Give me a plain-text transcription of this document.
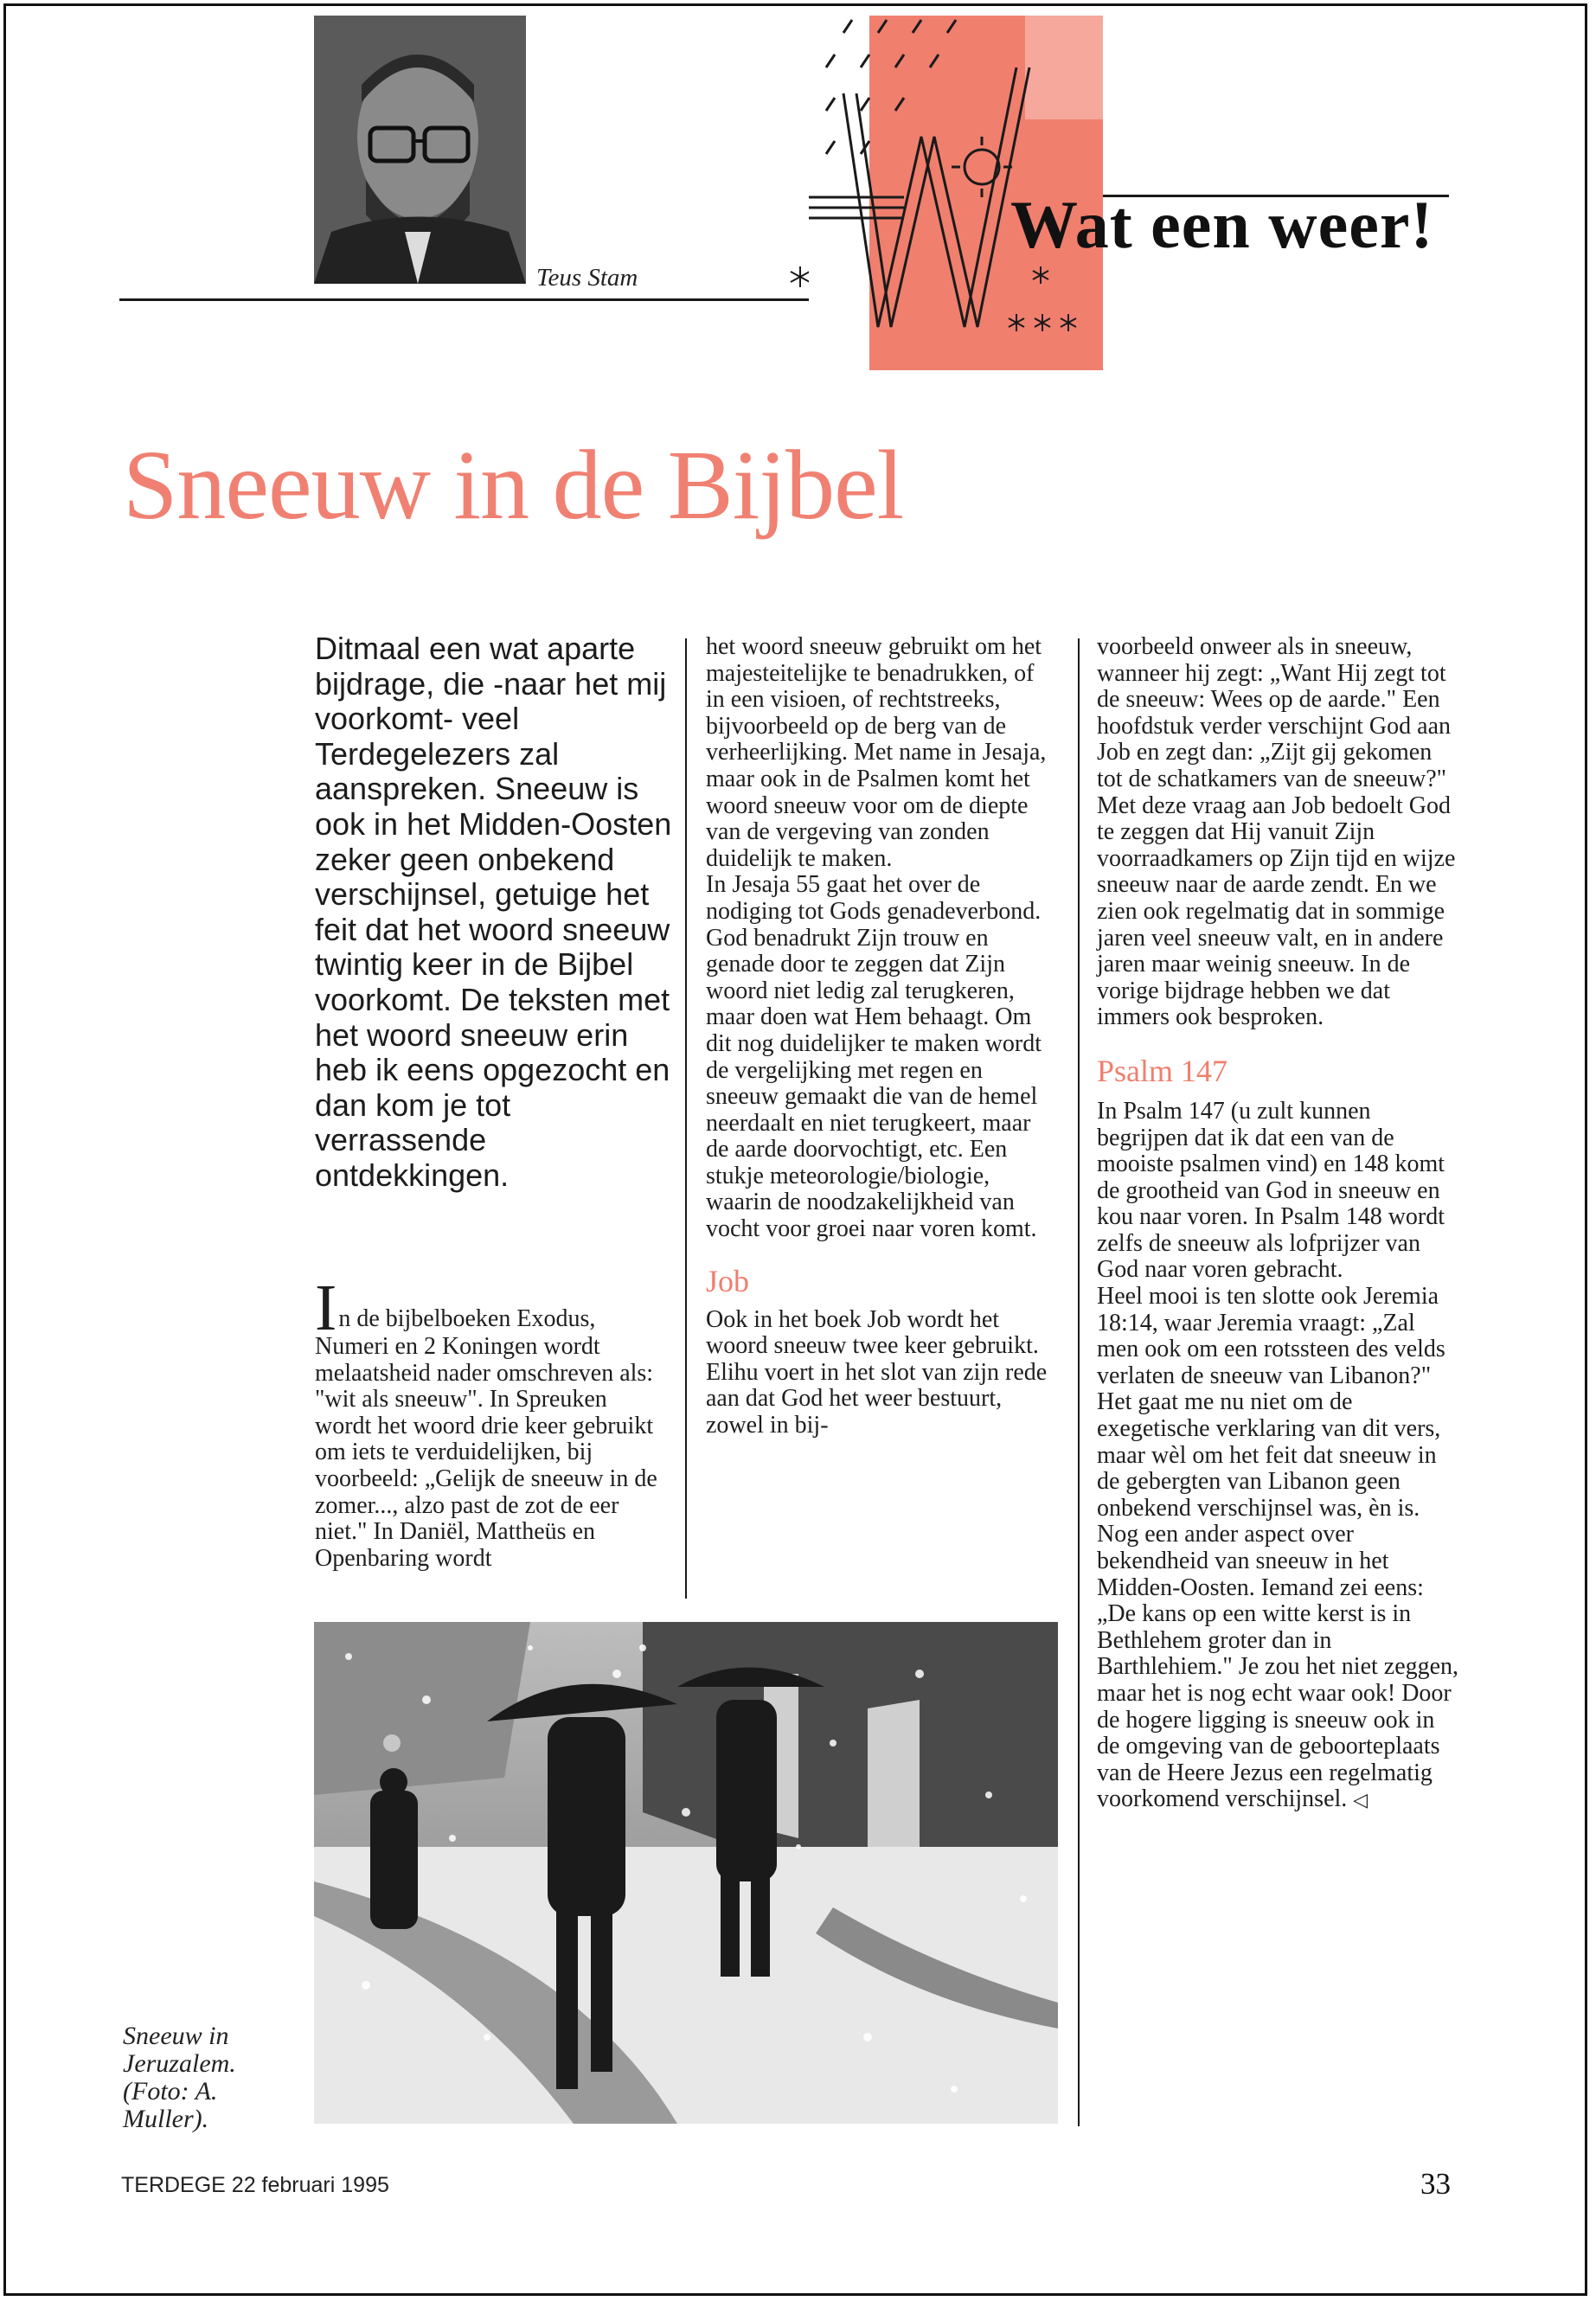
Teus Stam
Wat een weer!
Sneeuw in de Bijbel
Ditmaal een wat aparte bijdrage, die -naar het mij voorkomt- veel Terdegelezers zal aanspreken. Sneeuw is ook in het Midden-Oosten zeker geen onbekend verschijnsel, getuige het feit dat het woord sneeuw twintig keer in de Bijbel voorkomt. De teksten met het woord sneeuw erin heb ik eens opgezocht en dan kom je tot verrassende ontdekkingen.

In de bijbelboeken Exodus, Numeri en 2 Koningen wordt melaatsheid nader omschreven als: "wit als sneeuw". In Spreuken wordt het woord drie keer gebruikt om iets te verduidelijken, bij voorbeeld: „Gelijk de sneeuw in de zomer..., alzo past de zot de eer niet." In Daniël, Mattheüs en Openbaring wordt

het woord sneeuw gebruikt om het majesteitelijke te benadrukken, of in een visioen, of rechtstreeks, bijvoorbeeld op de berg van de verheerlijking. Met name in Jesaja, maar ook in de Psalmen komt het woord sneeuw voor om de diepte van de vergeving van zonden duidelijk te maken.

In Jesaja 55 gaat het over de nodiging tot Gods genadeverbond. God benadrukt Zijn trouw en genade door te zeggen dat Zijn woord niet ledig zal terugkeren, maar doen wat Hem behaagt. Om dit nog duidelijker te maken wordt de vergelijking met regen en sneeuw gemaakt die van de hemel neerdaalt en niet terugkeert, maar de aarde doorvochtigt, etc. Een stukje meteorologie/biologie, waarin de noodzakelijkheid van vocht voor groei naar voren komt.

Job

Ook in het boek Job wordt het woord sneeuw twee keer gebruikt. Elihu voert in het slot van zijn rede aan dat God het weer bestuurt, zowel in bij-

voorbeeld onweer als in sneeuw, wanneer hij zegt: „Want Hij zegt tot de sneeuw: Wees op de aarde." Een hoofdstuk verder verschijnt God aan Job en zegt dan: „Zijt gij gekomen tot de schatkamers van de sneeuw?" Met deze vraag aan Job bedoelt God te zeggen dat Hij vanuit Zijn voorraadkamers op Zijn tijd en wijze sneeuw naar de aarde zendt. En we zien ook regelmatig dat in sommige jaren veel sneeuw valt, en in andere jaren maar weinig sneeuw. In de vorige bijdrage hebben we dat immers ook besproken.

Psalm 147

In Psalm 147 (u zult kunnen begrijpen dat ik dat een van de mooiste psalmen vind) en 148 komt de grootheid van God in sneeuw en kou naar voren. In Psalm 148 wordt zelfs de sneeuw als lofprijzer van God naar voren gebracht.

Heel mooi is ten slotte ook Jeremia 18:14, waar Jeremia vraagt: „Zal men ook om een rotssteen des velds verlaten de sneeuw van Libanon?" Het gaat me nu niet om de exegetische verklaring van dit vers, maar wèl om het feit dat sneeuw in de gebergten van Libanon geen onbekend verschijnsel was, èn is.

Nog een ander aspect over bekendheid van sneeuw in het Midden-Oosten. Iemand zei eens: „De kans op een witte kerst is in Bethlehem groter dan in Barthlehiem." Je zou het niet zeggen, maar het is nog echt waar ook! Door de hogere ligging is sneeuw ook in de omgeving van de geboorteplaats van de Heere Jezus een regelmatig voorkomend verschijnsel. ◁

Sneeuw in Jeruzalem. (Foto: A. Muller).
TERDEGE 22 februari 1995	33
